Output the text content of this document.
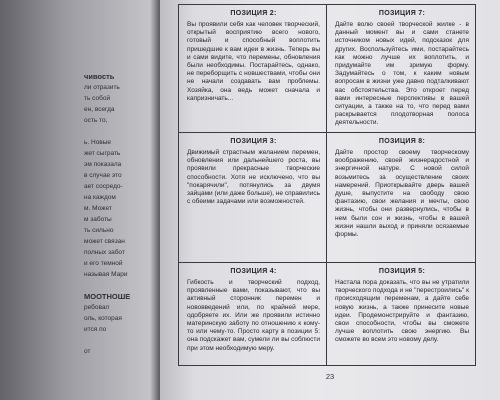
чивость
ли отразить
ть собой
ен, всегда
ость то,
ь. Новые
жет сыграть
эм показала
в случае это
ает сосредо-
на каждом
м. Может
м заботы
ть сильно
может связан
полных забот
и его темной
называя Мари
МООТНОШЕ
ребовал
оль, которая
ится по
от
ПОЗИЦИЯ 2:
Вы проявили себя как человек творческий, открытый восприятию всего нового, готовый и способный воплотить пришедшие к вам идеи в жизнь. Теперь вы и сами видите, что перемены, обновления были необходимы. Постарайтесь, однако, не переборщить с новшествами, чтобы они не начали создавать вам проблемы. Хозяйка, она ведь может сначала и капризничать...
ПОЗИЦИЯ 7:
Дайте волю своей творческой жилке - в данный момент вы и сами станете источником новых идей, подсказок для других. Воспользуйтесь ими, постарайтесь как можно лучше их воплотить, и придумайте им зримую форму. Задумайтесь о том, к каким новым вопросам в жизни уже давно подталкивают вас обстоятельства. Это откроет перед вами интересные перспективы в вашей ситуации, а также на то, что перед вами раскрывается плодотворная полоса деятельности.
ПОЗИЦИЯ 3:
Движимый страстным желанием перемен, обновления или дальнейшего роста, вы проявили прекрасные творческие способности. Хотя не исключено, что вы "покарячили", потянулись за двумя зайцами (или даже больше), не справились с обеими задачами или возможностей.
ПОЗИЦИЯ 8:
Дайте простор своему творческому воображению, своей жизнерадостной и энергичной натуре. С новой силой возьмитесь за осуществление своих намерений. Приоткрывайте дверь вашей душе, выпустите на свободу свою фантазию, свои желания и мечты, свою жизнь, чтобы они развернулись, чтобы в нем были сон и жизнь, чтобы в вашей жизни нашли выход и приняли осязаемые формы.
ПОЗИЦИЯ 4:
Гибкость и творческий подход, проявленные вами, показывают, что вы активный сторонник перемен и нововведений или, по крайней мере, одобряете их. Или же проявили истинно материнскую заботу по отношению к кому-то или чему-то. Просто карту в позиции 5: она подскажет вам, сумели ли вы соблюсти при этом необходимую меру.
ПОЗИЦИЯ 5:
Настала пора доказать, что вы не утратили творческого подхода и не "перестроились" к происходящим переменам, а дайте себе новую жизнь, а также принесите новые идеи. Продемонстрируйте и фантазию, свои способности, чтобы вы сможете лучше воплотить свою энергию. Вы сможете во всем это новому делу.
23
